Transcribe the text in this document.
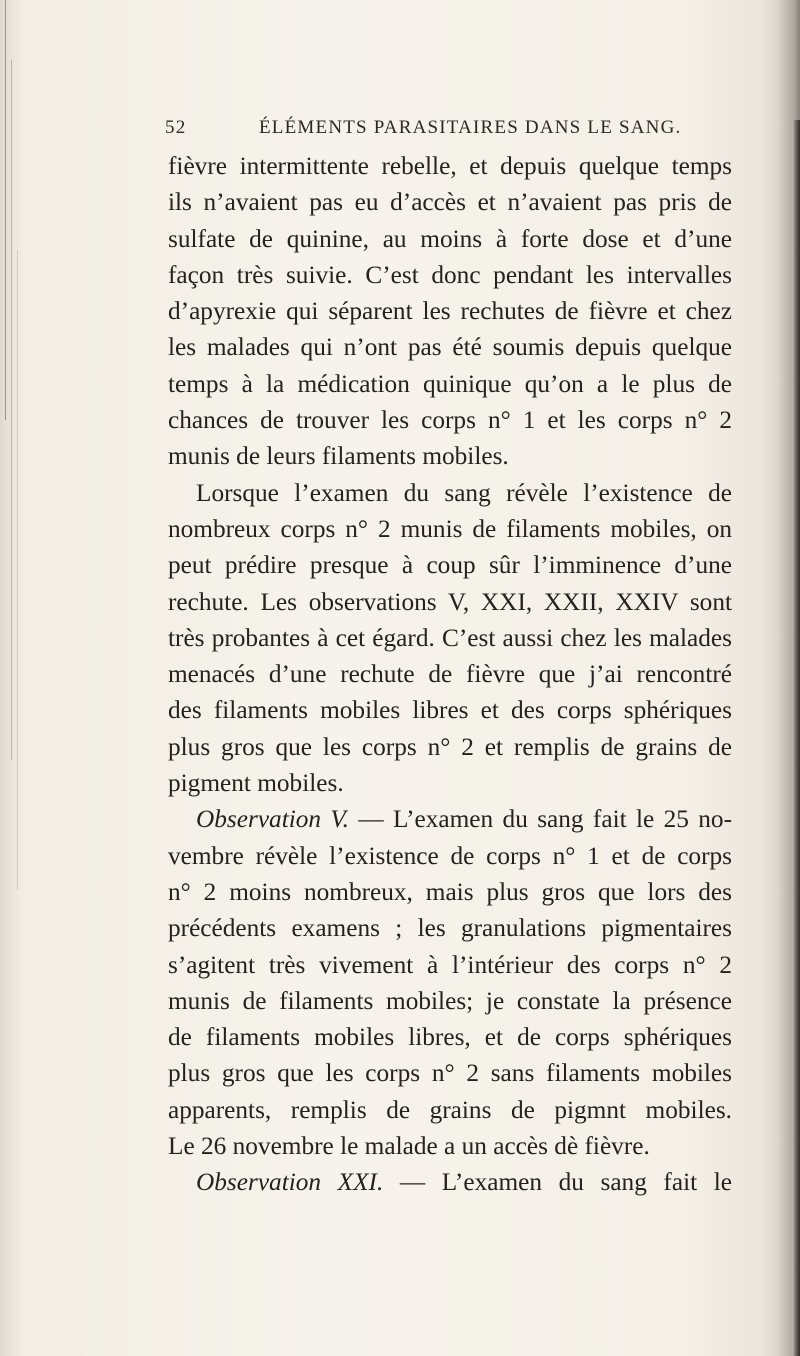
52	ÉLÉMENTS PARASITAIRES DANS LE SANG.
fièvre intermittente rebelle, et depuis quelque temps
ils n’avaient pas eu d’accès et n’avaient pas pris de
sulfate de quinine, au moins à forte dose et d’une
façon très suivie. C’est donc pendant les intervalles
d’apyrexie qui séparent les rechutes de fièvre et chez
les malades qui n’ont pas été soumis depuis quelque
temps à la médication quinique qu’on a le plus de
chances de trouver les corps n° 1 et les corps n° 2
munis de leurs filaments mobiles.
Lorsque l’examen du sang révèle l’existence de
nombreux corps n° 2 munis de filaments mobiles, on
peut prédire presque à coup sûr l’imminence d’une
rechute. Les observations V, XXI, XXII, XXIV sont
très probantes à cet égard. C’est aussi chez les malades
menacés d’une rechute de fièvre que j’ai rencontré
des filaments mobiles libres et des corps sphériques
plus gros que les corps n° 2 et remplis de grains de
pigment mobiles.
Observation V. — L’examen du sang fait le 25 no-
vembre révèle l’existence de corps n° 1 et de corps
n° 2 moins nombreux, mais plus gros que lors des
précédents examens ; les granulations pigmentaires
s’agitent très vivement à l’intérieur des corps n° 2
munis de filaments mobiles; je constate la présence
de filaments mobiles libres, et de corps sphériques
plus gros que les corps n° 2 sans filaments mobiles
apparents, remplis de grains de pigmnt mobiles.
Le 26 novembre le malade a un accès dè fièvre.
Observation XXI. — L’examen du sang fait le
